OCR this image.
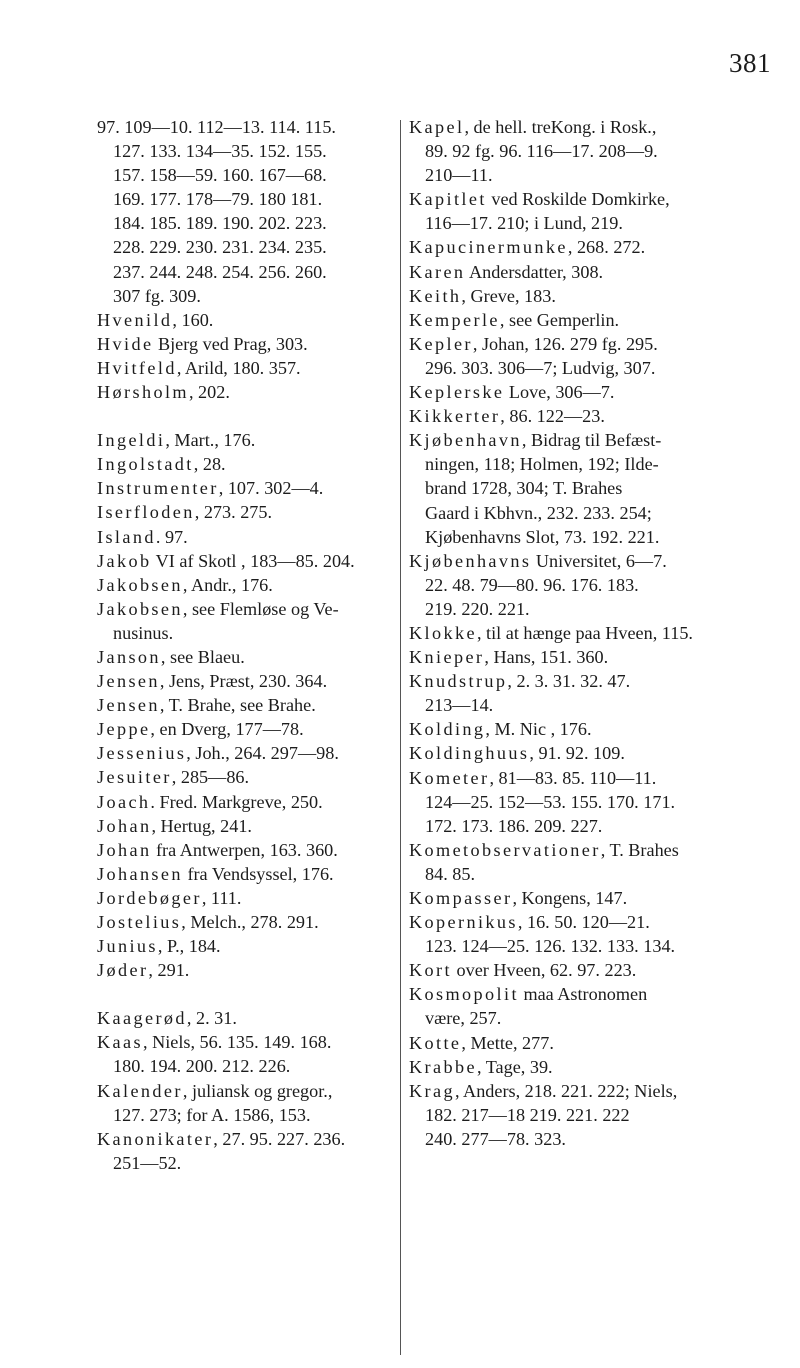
381
97. 109—10. 112—13. 114. 115.
127. 133. 134—35. 152. 155.
157. 158—59. 160. 167—68.
169. 177. 178—79. 180 181.
184. 185. 189. 190. 202. 223.
228. 229. 230. 231. 234. 235.
237. 244. 248. 254. 256. 260.
307 fg. 309.
Hvenild, 160.
Hvide Bjerg ved Prag, 303.
Hvitfeld, Arild, 180. 357.
Hørsholm, 202.
Ingeldi, Mart., 176.
Ingolstadt, 28.
Instrumenter, 107. 302—4.
Iserfloden, 273. 275.
Island. 97.
Jakob VI af Skotl , 183—85. 204.
Jakobsen, Andr., 176.
Jakobsen, see Flemløse og Ve-
nusinus.
Janson, see Blaeu.
Jensen, Jens, Præst, 230. 364.
Jensen, T. Brahe, see Brahe.
Jeppe, en Dverg, 177—78.
Jessenius, Joh., 264. 297—98.
Jesuiter, 285—86.
Joach. Fred. Markgreve, 250.
Johan, Hertug, 241.
Johan fra Antwerpen, 163. 360.
Johansen fra Vendsyssel, 176.
Jordebøger, 111.
Jostelius, Melch., 278. 291.
Junius, P., 184.
Jøder, 291.
Kaagerød, 2. 31.
Kaas, Niels, 56. 135. 149. 168.
180. 194. 200. 212. 226.
Kalender, juliansk og gregor.,
127. 273; for A. 1586, 153.
Kanonikater, 27. 95. 227. 236.
251—52.
Kapel, de hell. treKong. i Rosk.,
89. 92 fg. 96. 116—17. 208—9.
210—11.
Kapitlet ved Roskilde Domkirke,
116—17. 210; i Lund, 219.
Kapucinermunke, 268. 272.
Karen Andersdatter, 308.
Keith, Greve, 183.
Kemperle, see Gemperlin.
Kepler, Johan, 126. 279 fg. 295.
296. 303. 306—7; Ludvig, 307.
Keplerske Love, 306—7.
Kikkerter, 86. 122—23.
Kjøbenhavn, Bidrag til Befæst-
ningen, 118; Holmen, 192; Ilde-
brand 1728, 304; T. Brahes
Gaard i Kbhvn., 232. 233. 254;
Kjøbenhavns Slot, 73. 192. 221.
Kjøbenhavns Universitet, 6—7.
22. 48. 79—80. 96. 176. 183.
219. 220. 221.
Klokke, til at hænge paa Hveen, 115.
Knieper, Hans, 151. 360.
Knudstrup, 2. 3. 31. 32. 47.
213—14.
Kolding, M. Nic , 176.
Koldinghuus, 91. 92. 109.
Kometer, 81—83. 85. 110—11.
124—25. 152—53. 155. 170. 171.
172. 173. 186. 209. 227.
Kometobservationer, T. Brahes
84. 85.
Kompasser, Kongens, 147.
Kopernikus, 16. 50. 120—21.
123. 124—25. 126. 132. 133. 134.
Kort over Hveen, 62. 97. 223.
Kosmopolit maa Astronomen
være, 257.
Kotte, Mette, 277.
Krabbe, Tage, 39.
Krag, Anders, 218. 221. 222; Niels,
182. 217—18 219. 221. 222
240. 277—78. 323.
